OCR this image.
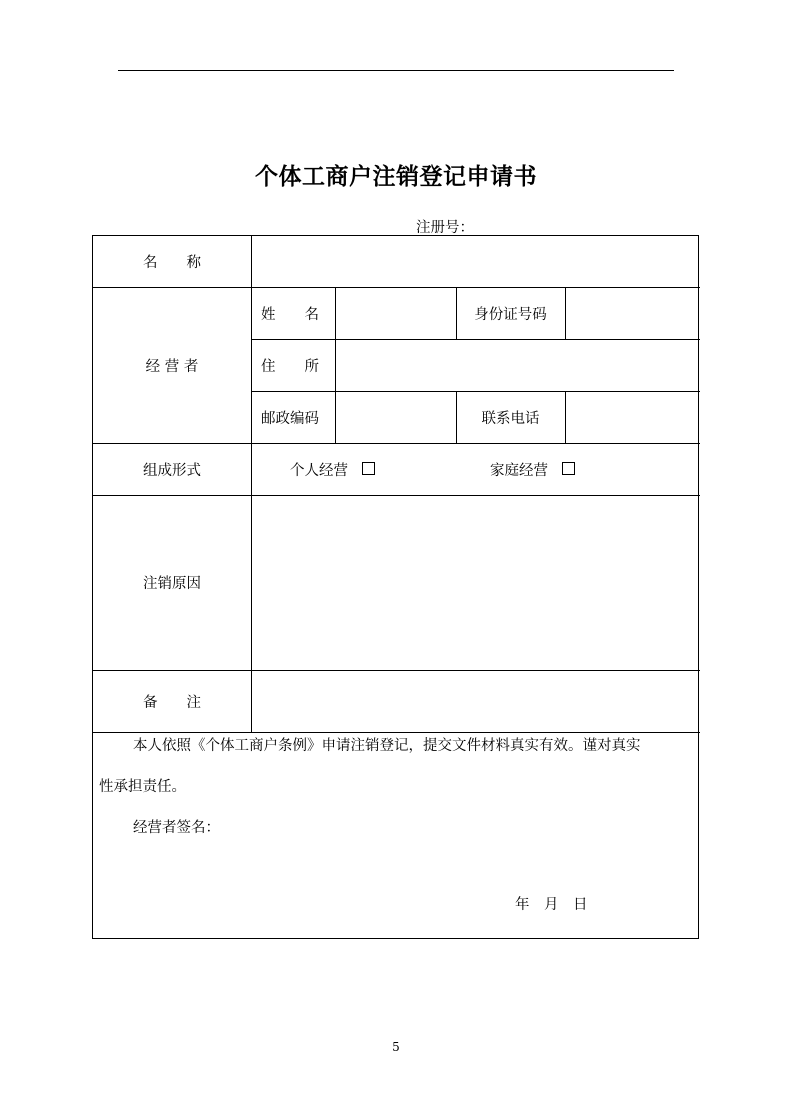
个体工商户注销登记申请书
注册号：
名　　称
经 营 者
姓　　名	身份证号码
住　　所
邮政编码	联系电话
组成形式	个人经营	家庭经营
注销原因
备　　注
本人依照《个体工商户条例》申请注销登记，提交文件材料真实有效。谨对真实
性承担责任。
经营者签名：
年　月　日
5
